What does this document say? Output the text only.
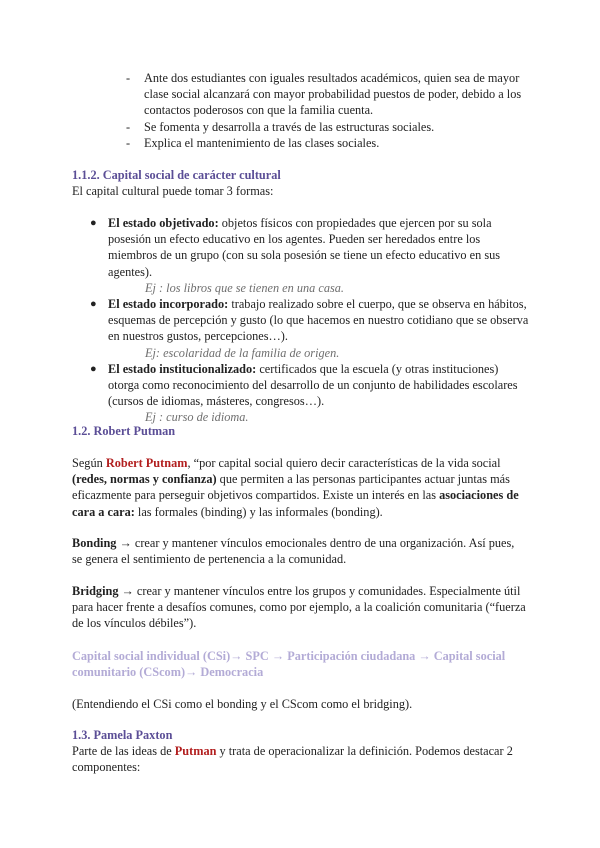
- Ante dos estudiantes con iguales resultados académicos, quien sea de mayor clase social alcanzará con mayor probabilidad puestos de poder, debido a los contactos poderosos con que la familia cuenta.
- Se fomenta y desarrolla a través de las estructuras sociales.
- Explica el mantenimiento de las clases sociales.
1.1.2. Capital social de carácter cultural
El capital cultural puede tomar 3 formas:
● El estado objetivado: objetos físicos con propiedades que ejercen por su sola posesión un efecto educativo en los agentes. Pueden ser heredados entre los miembros de un grupo (con su sola posesión se tiene un efecto educativo en sus agentes).
Ej : los libros que se tienen en una casa.
● El estado incorporado: trabajo realizado sobre el cuerpo, que se observa en hábitos, esquemas de percepción y gusto (lo que hacemos en nuestro cotidiano que se observa en nuestros gustos, percepciones…).
Ej: escolaridad de la familia de origen.
● El estado institucionalizado: certificados que la escuela (y otras instituciones) otorga como reconocimiento del desarrollo de un conjunto de habilidades escolares (cursos de idiomas, másteres, congresos…).
Ej : curso de idioma.
1.2. Robert Putman
Según Robert Putnam, “por capital social quiero decir características de la vida social (redes, normas y confianza) que permiten a las personas participantes actuar juntas más eficazmente para perseguir objetivos compartidos. Existe un interés en las asociaciones de cara a cara: las formales (binding) y las informales (bonding).
Bonding → crear y mantener vínculos emocionales dentro de una organización. Así pues, se genera el sentimiento de pertenencia a la comunidad.
Bridging → crear y mantener vínculos entre los grupos y comunidades. Especialmente útil para hacer frente a desafíos comunes, como por ejemplo, a la coalición comunitaria (“fuerza de los vínculos débiles”).
Capital social individual (CSi)→ SPC → Participación ciudadana → Capital social comunitario (CScom)→ Democracia
(Entendiendo el CSi como el bonding y el CScom como el bridging).
1.3. Pamela Paxton
Parte de las ideas de Putman y trata de operacionalizar la definición. Podemos destacar 2 componentes:
